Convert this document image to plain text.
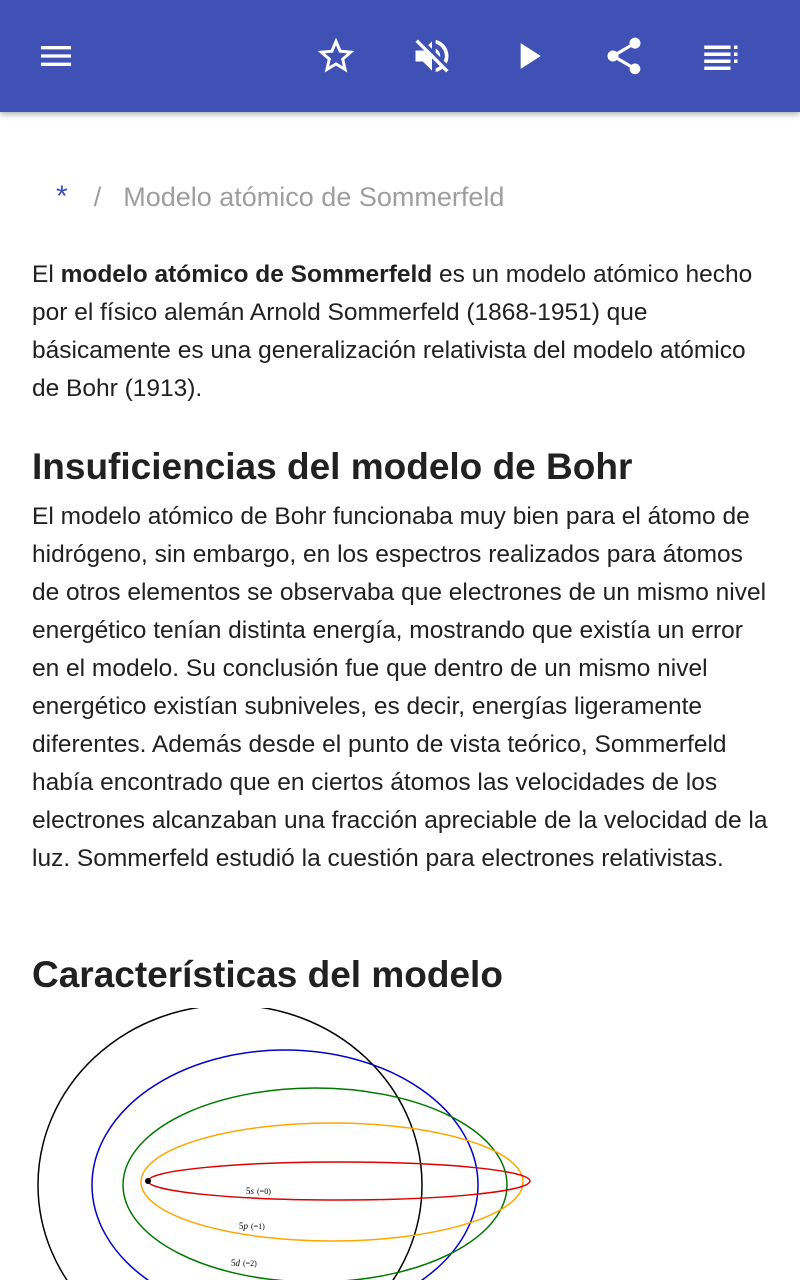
* / Modelo atómico de Sommerfeld

El modelo atómico de Sommerfeld es un modelo atómico hecho por el físico alemán Arnold Sommerfeld (1868-1951) que básicamente es una generalización relativista del modelo atómico de Bohr (1913).

Insuficiencias del modelo de Bohr

El modelo atómico de Bohr funcionaba muy bien para el átomo de hidrógeno, sin embargo, en los espectros realizados para átomos de otros elementos se observaba que electrones de un mismo nivel energético tenían distinta energía, mostrando que existía un error en el modelo. Su conclusión fue que dentro de un mismo nivel energético existían subniveles, es decir, energías ligeramente diferentes. Además desde el punto de vista teórico, Sommerfeld había encontrado que en ciertos átomos las velocidades de los electrones alcanzaban una fracción apreciable de la velocidad de la luz. Sommerfeld estudió la cuestión para electrones relativistas.

Características del modelo
5s (=0)
5p (=1)
5d (=2)
